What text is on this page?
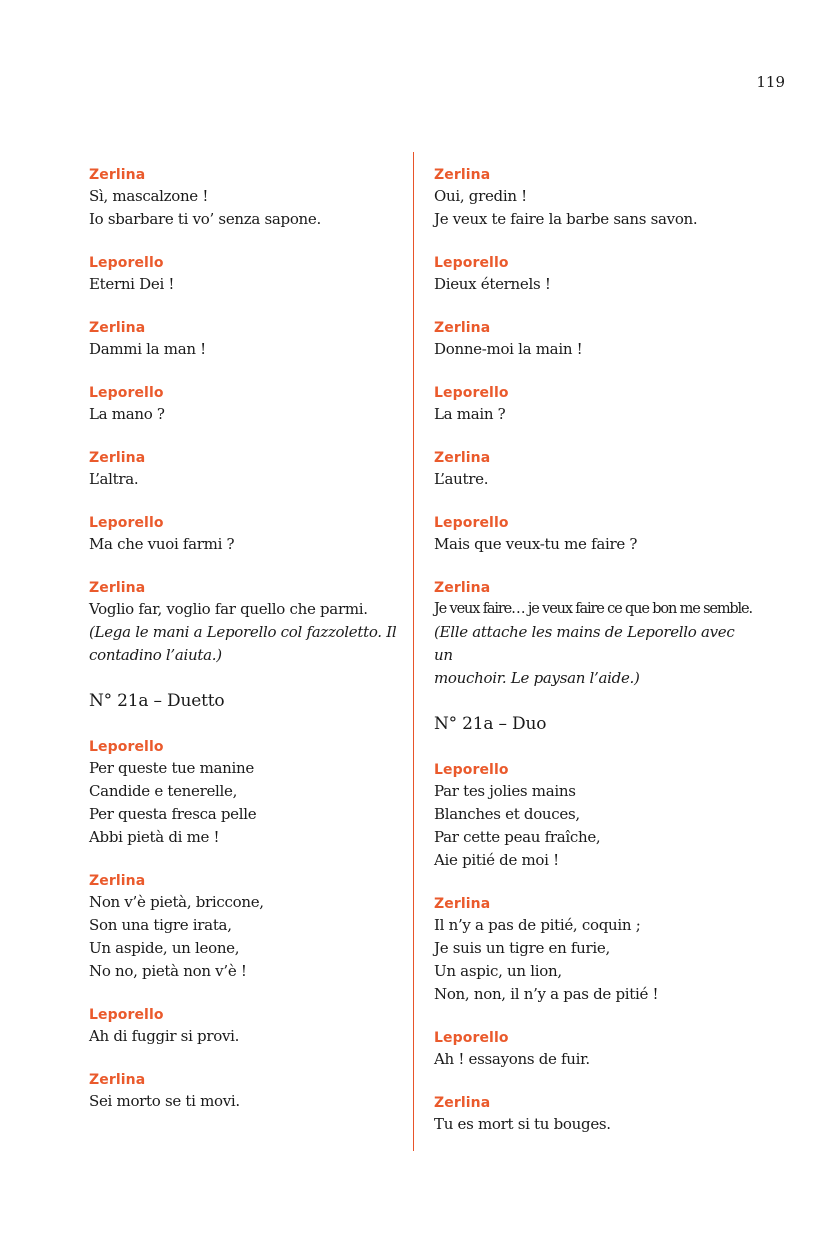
119
Zerlina
Sì, mascalzone !
Io sbarbare ti vo’ senza sapone.
Leporello
Eterni Dei !
Zerlina
Dammi la man !
Leporello
La mano ?
Zerlina
L’altra.
Leporello
Ma che vuoi farmi ?
Zerlina
Voglio far, voglio far quello che parmi.
(Lega le mani a Leporello col fazzoletto. Il
contadino l’aiuta.)
N° 21a – Duetto
Leporello
Per queste tue manine
Candide e tenerelle,
Per questa fresca pelle
Abbi pietà di me !
Zerlina
Non v’è pietà, briccone,
Son una tigre irata,
Un aspide, un leone,
No no, pietà non v’è !
Leporello
Ah di fuggir si provi.
Zerlina
Sei morto se ti movi.
Zerlina
Oui, gredin !
Je veux te faire la barbe sans savon.
Leporello
Dieux éternels !
Zerlina
Donne-moi la main !
Leporello
La main ?
Zerlina
L’autre.
Leporello
Mais que veux-tu me faire ?
Zerlina
Je veux faire… je veux faire ce que bon me semble.
(Elle attache les mains de Leporello avec un
mouchoir. Le paysan l’aide.)
N° 21a – Duo
Leporello
Par tes jolies mains
Blanches et douces,
Par cette peau fraîche,
Aie pitié de moi !
Zerlina
Il n’y a pas de pitié, coquin ;
Je suis un tigre en furie,
Un aspic, un lion,
Non, non, il n’y a pas de pitié !
Leporello
Ah ! essayons de fuir.
Zerlina
Tu es mort si tu bouges.
